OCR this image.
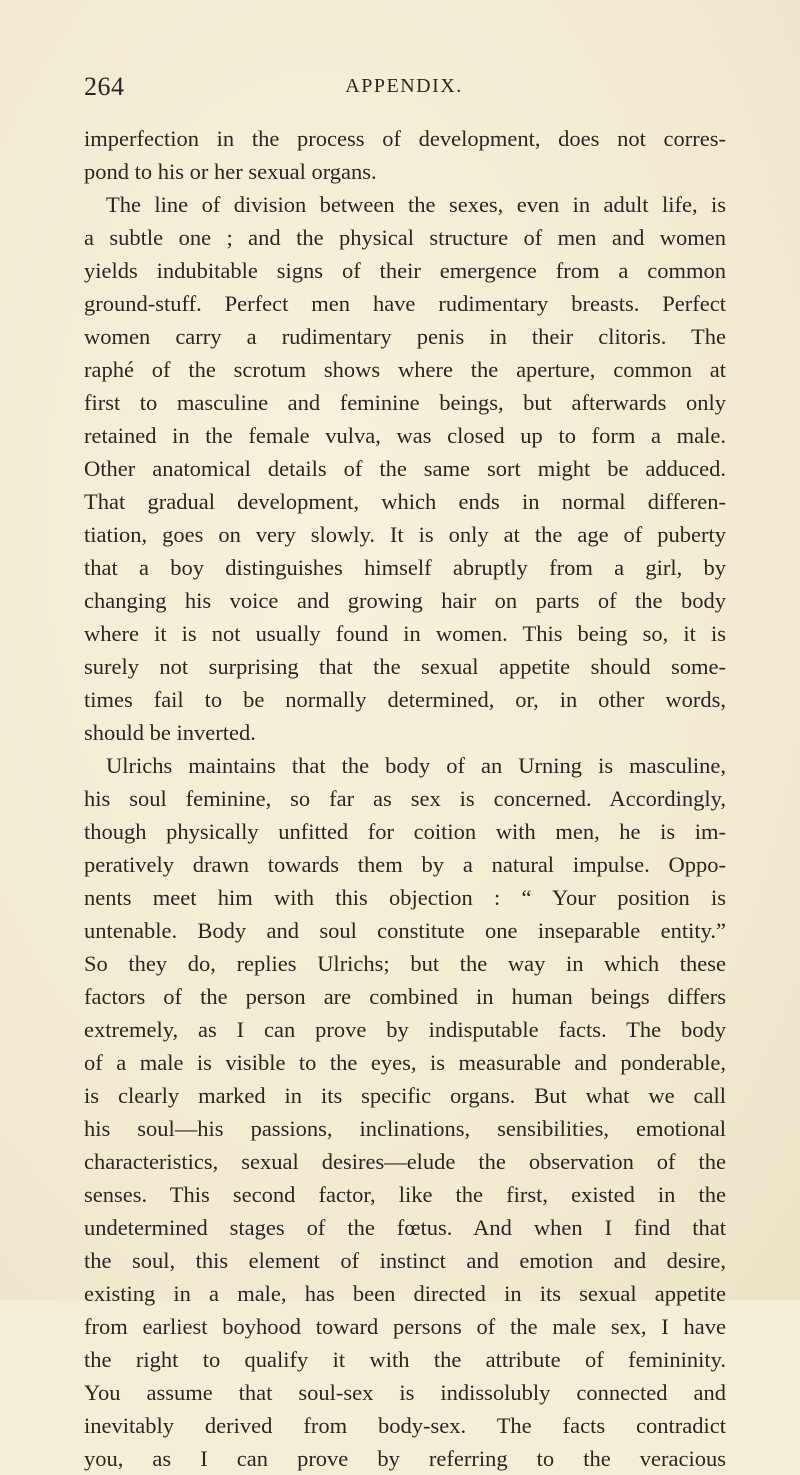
264	APPENDIX.
imperfection in the process of development, does not corres-
pond to his or her sexual organs.
The line of division between the sexes, even in adult life, is
a subtle one ; and the physical structure of men and women
yields indubitable signs of their emergence from a common
ground-stuff. Perfect men have rudimentary breasts. Perfect
women carry a rudimentary penis in their clitoris. The
raphé of the scrotum shows where the aperture, common at
first to masculine and feminine beings, but afterwards only
retained in the female vulva, was closed up to form a male.
Other anatomical details of the same sort might be adduced.
That gradual development, which ends in normal differen-
tiation, goes on very slowly. It is only at the age of puberty
that a boy distinguishes himself abruptly from a girl, by
changing his voice and growing hair on parts of the body
where it is not usually found in women. This being so, it is
surely not surprising that the sexual appetite should some-
times fail to be normally determined, or, in other words,
should be inverted.
Ulrichs maintains that the body of an Urning is masculine,
his soul feminine, so far as sex is concerned. Accordingly,
though physically unfitted for coition with men, he is im-
peratively drawn towards them by a natural impulse. Oppo-
nents meet him with this objection : “ Your position is
untenable. Body and soul constitute one inseparable entity.”
So they do, replies Ulrichs; but the way in which these
factors of the person are combined in human beings differs
extremely, as I can prove by indisputable facts. The body
of a male is visible to the eyes, is measurable and ponderable,
is clearly marked in its specific organs. But what we call
his soul—his passions, inclinations, sensibilities, emotional
characteristics, sexual desires—elude the observation of the
senses. This second factor, like the first, existed in the
undetermined stages of the fœtus. And when I find that
the soul, this element of instinct and emotion and desire,
existing in a male, has been directed in its sexual appetite
from earliest boyhood toward persons of the male sex, I have
the right to qualify it with the attribute of femininity.
You assume that soul-sex is indissolubly connected and
inevitably derived from body-sex. The facts contradict
you, as I can prove by referring to the veracious
